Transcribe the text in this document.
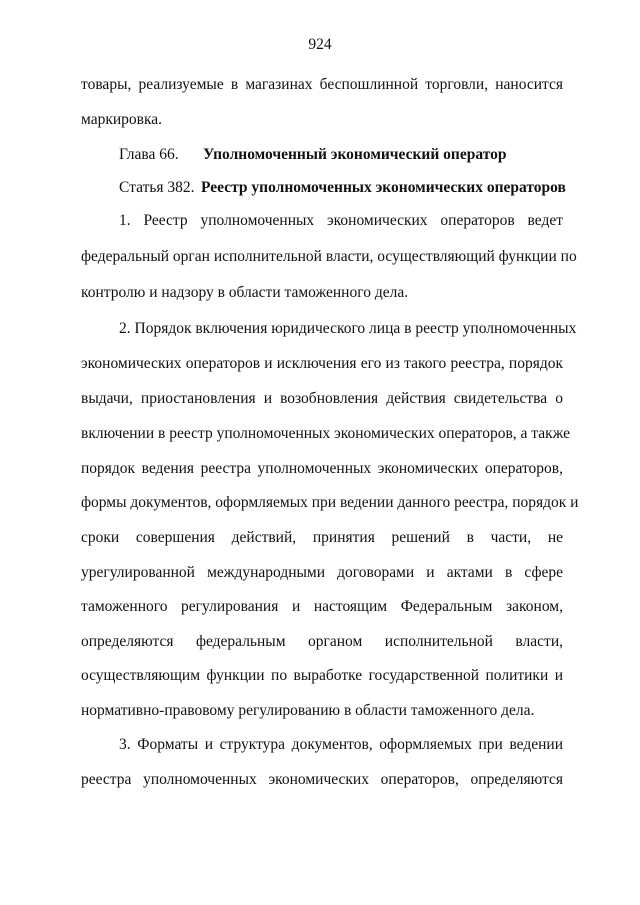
924
товары, реализуемые в магазинах беспошлинной торговли, наносится
маркировка.
Глава 66. Уполномоченный экономический оператор
Статья 382. Реестр уполномоченных экономических операторов
1. Реестр уполномоченных экономических операторов ведет
федеральный орган исполнительной власти, осуществляющий функции по
контролю и надзору в области таможенного дела.
2. Порядок включения юридического лица в реестр уполномоченных
экономических операторов и исключения его из такого реестра, порядок
выдачи, приостановления и возобновления действия свидетельства о
включении в реестр уполномоченных экономических операторов, а также
порядок ведения реестра уполномоченных экономических операторов,
формы документов, оформляемых при ведении данного реестра, порядок и
сроки совершения действий, принятия решений в части, не
урегулированной международными договорами и актами в сфере
таможенного регулирования и настоящим Федеральным законом,
определяются федеральным органом исполнительной власти,
осуществляющим функции по выработке государственной политики и
нормативно-правовому регулированию в области таможенного дела.
3. Форматы и структура документов, оформляемых при ведении
реестра уполномоченных экономических операторов, определяются
